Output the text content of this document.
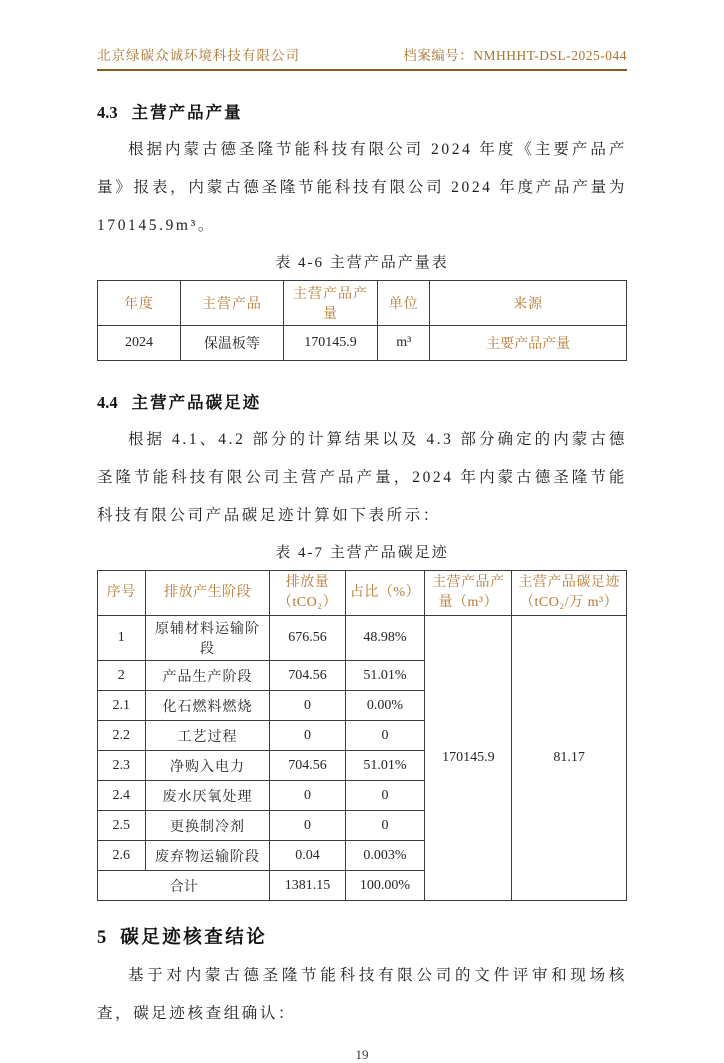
北京绿碳众诚环境科技有限公司	档案编号：NMHHHT-DSL-2025-044
4.3 主营产品产量

根据内蒙古德圣隆节能科技有限公司 2024 年度《主要产品产量》报表，内蒙古德圣隆节能科技有限公司 2024 年度产品产量为 170145.9m³。

表 4-6 主营产品产量表
年度	主营产品	主营产品产量	单位	来源
2024	保温板等	170145.9	m³	主要产品产量
4.4 主营产品碳足迹

根据 4.1、4.2 部分的计算结果以及 4.3 部分确定的内蒙古德圣隆节能科技有限公司主营产品产量，2024 年内蒙古德圣隆节能科技有限公司产品碳足迹计算如下表所示：

表 4-7 主营产品碳足迹
序号	排放产生阶段	排放量 （tCO₂）	占比（%）	主营产品产 量（m³）	主营产品碳足迹 （tCO₂/万 m³）
1	原辅材料运输阶段	676.56	48.98%	170145.9	81.17
2	产品生产阶段	704.56	51.01%		
2.1	化石燃料燃烧	0	0.00%		
2.2	工艺过程	0	0		
2.3	净购入电力	704.56	51.01%		
2.4	废水厌氧处理	0	0		
2.5	更换制冷剂	0	0		
2.6	废弃物运输阶段	0.04	0.003%		
合计		1381.15	100.00%		
5 碳足迹核查结论

基于对内蒙古德圣隆节能科技有限公司的文件评审和现场核查，碳足迹核查组确认：

19
